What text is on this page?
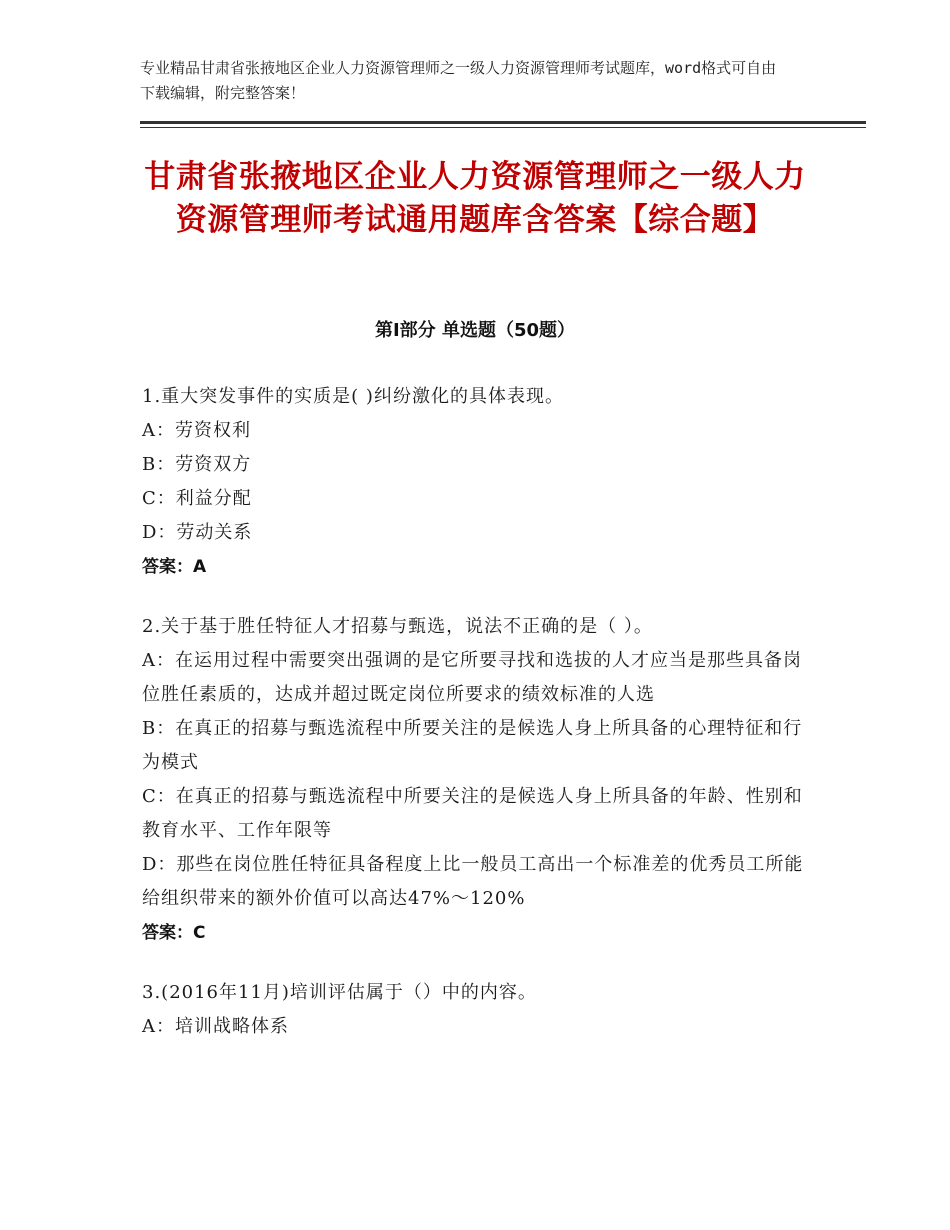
专业精品甘肃省张掖地区企业人力资源管理师之一级人力资源管理师考试题库，word格式可自由下载编辑，附完整答案！
甘肃省张掖地区企业人力资源管理师之一级人力资源管理师考试通用题库含答案【综合题】
第Ⅰ部分 单选题（50题）
1.重大突发事件的实质是( )纠纷激化的具体表现。
A：劳资权利
B：劳资双方
C：利益分配
D：劳动关系
答案：A
2.关于基于胜任特征人才招募与甄选，说法不正确的是（ ）。
A：在运用过程中需要突出强调的是它所要寻找和选拔的人才应当是那些具备岗位胜任素质的，达成并超过既定岗位所要求的绩效标准的人选
B：在真正的招募与甄选流程中所要关注的是候选人身上所具备的心理特征和行为模式
C：在真正的招募与甄选流程中所要关注的是候选人身上所具备的年龄、性别和教育水平、工作年限等
D：那些在岗位胜任特征具备程度上比一般员工高出一个标准差的优秀员工所能给组织带来的额外价值可以高达47%～120%
答案：C
3.(2016年11月)培训评估属于（）中的内容。
A：培训战略体系
